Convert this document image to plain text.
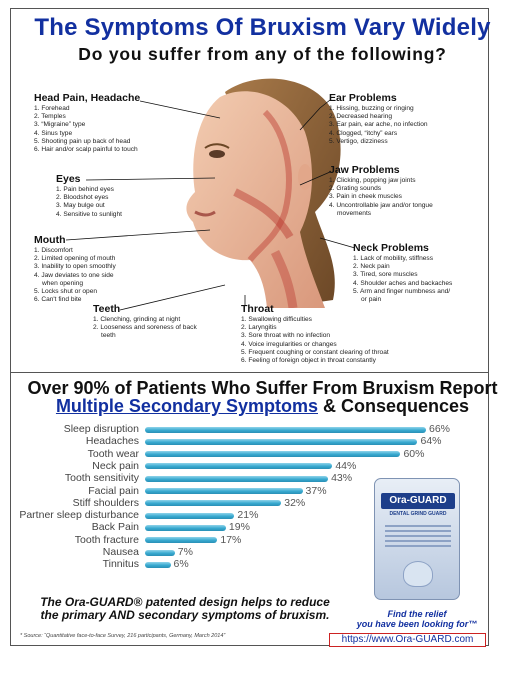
The Symptoms Of Bruxism Vary Widely
Do you suffer from any of the following?
Head Pain, Headache
1. Forehead
2. Temples
3. “Migraine” type
4. Sinus type
5. Shooting pain up back of head
6. Hair and/or scalp painful to touch
Eyes
1. Pain behind eyes
2. Bloodshot eyes
3. May bulge out
4. Sensitive to sunlight
Mouth
1. Discomfort
2. Limited opening of mouth
3. Inability to open smoothly
4. Jaw deviates to one side
when opening
5. Locks shut or open
6. Can't find bite
Teeth
1. Clenching, grinding at night
2. Looseness and soreness of back
teeth
Ear Problems
1. Hissing, buzzing or ringing
2. Decreased hearing
3. Ear pain, ear ache, no infection
4. Clogged, “itchy” ears
5. Vertigo, dizziness
Jaw Problems
1. Clicking, popping jaw joints
2. Grating sounds
3. Pain in cheek muscles
4. Uncontrollable jaw and/or tongue
movements
Neck Problems
1. Lack of mobility, stiffness
2. Neck pain
3. Tired, sore muscles
4. Shoulder aches and backaches
5. Arm and finger numbness and/
or pain
Throat
1. Swallowing difficulties
2. Laryngitis
3. Sore throat with no infection
4. Voice irregularities or changes
5. Frequent coughing or constant clearing of throat
6. Feeling of foreign object in throat constantly
Over 90% of Patients Who Suffer From Bruxism Report
Multiple Secondary Symptoms & Consequences
Sleep disruption	66%
Headaches	64%
Tooth wear	60%
Neck pain	44%
Tooth sensitivity	43%
Facial pain	37%
Stiff shoulders	32%
Partner sleep disturbance	21%
Back Pain	19%
Tooth fracture	17%
Nausea	7%
Tinnitus	6%
Ora-GUARD
DENTAL GRIND GUARD
The Ora-GUARD® patented design helps to reduce
the primary AND secondary symptoms of bruxism.	Find the relief
you have been looking for™
* Source: “Quantitative face-to-face Survey, 216 participants, Germany, March 2014”	https://www.Ora-GUARD.com
